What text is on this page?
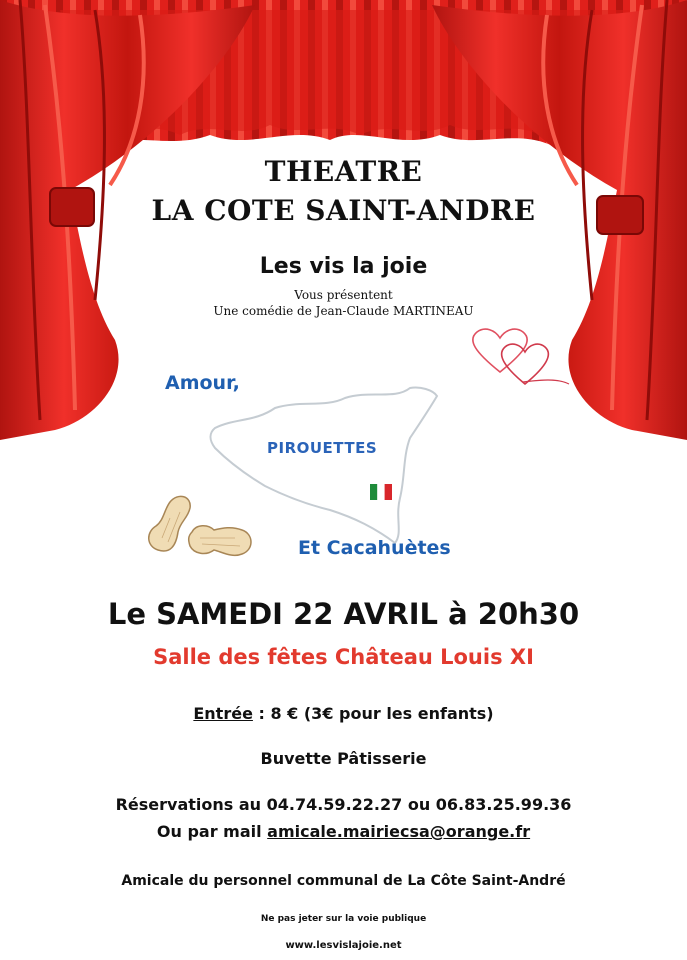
THEATRE
LA COTE SAINT-ANDRE
Les vis la joie
Vous présentent
Une comédie de Jean-Claude MARTINEAU
Amour,
PIROUETTES
Et Cacahuètes
Le SAMEDI 22 AVRIL à 20h30
Salle des fêtes Château Louis XI
Entrée : 8 € (3€ pour les enfants)
Buvette Pâtisserie
Réservations au 04.74.59.22.27 ou 06.83.25.99.36
Ou par mail amicale.mairiecsa@orange.fr
Amicale du personnel communal de La Côte Saint-André
Ne pas jeter sur la voie publique
www.lesvislajoie.net
